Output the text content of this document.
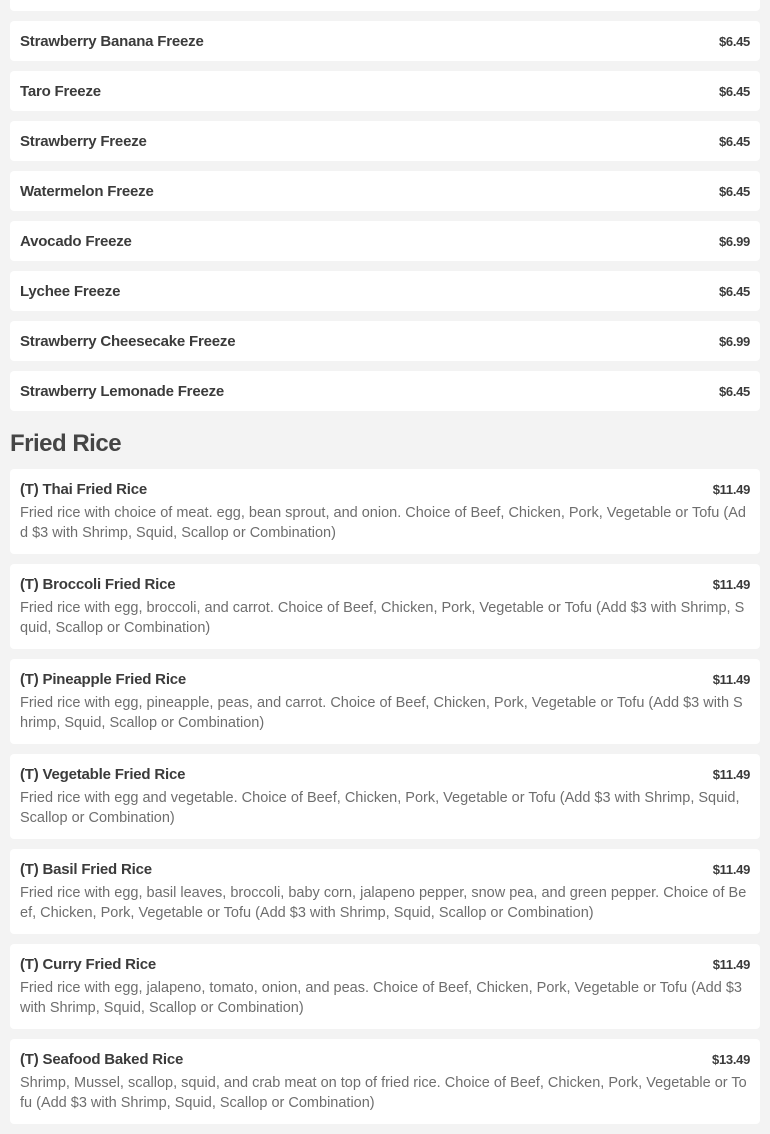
Strawberry Banana Freeze	$6.45
Taro Freeze	$6.45
Strawberry Freeze	$6.45
Watermelon Freeze	$6.45
Avocado Freeze	$6.99
Lychee Freeze	$6.45
Strawberry Cheesecake Freeze	$6.99
Strawberry Lemonade Freeze	$6.45
Fried Rice
(T) Thai Fried Rice	$11.49
Fried rice with choice of meat. egg, bean sprout, and onion. Choice of Beef, Chicken, Pork, Vegetable or Tofu (Add $3 with Shrimp, Squid, Scallop or Combination)
(T) Broccoli Fried Rice	$11.49
Fried rice with egg, broccoli, and carrot. Choice of Beef, Chicken, Pork, Vegetable or Tofu (Add $3 with Shrimp, Squid, Scallop or Combination)
(T) Pineapple Fried Rice	$11.49
Fried rice with egg, pineapple, peas, and carrot. Choice of Beef, Chicken, Pork, Vegetable or Tofu (Add $3 with Shrimp, Squid, Scallop or Combination)
(T) Vegetable Fried Rice	$11.49
Fried rice with egg and vegetable. Choice of Beef, Chicken, Pork, Vegetable or Tofu (Add $3 with Shrimp, Squid, Scallop or Combination)
(T) Basil Fried Rice	$11.49
Fried rice with egg, basil leaves, broccoli, baby corn, jalapeno pepper, snow pea, and green pepper. Choice of Beef, Chicken, Pork, Vegetable or Tofu (Add $3 with Shrimp, Squid, Scallop or Combination)
(T) Curry Fried Rice	$11.49
Fried rice with egg, jalapeno, tomato, onion, and peas. Choice of Beef, Chicken, Pork, Vegetable or Tofu (Add $3 with Shrimp, Squid, Scallop or Combination)
(T) Seafood Baked Rice	$13.49
Shrimp, Mussel, scallop, squid, and crab meat on top of fried rice. Choice of Beef, Chicken, Pork, Vegetable or Tofu (Add $3 with Shrimp, Squid, Scallop or Combination)
